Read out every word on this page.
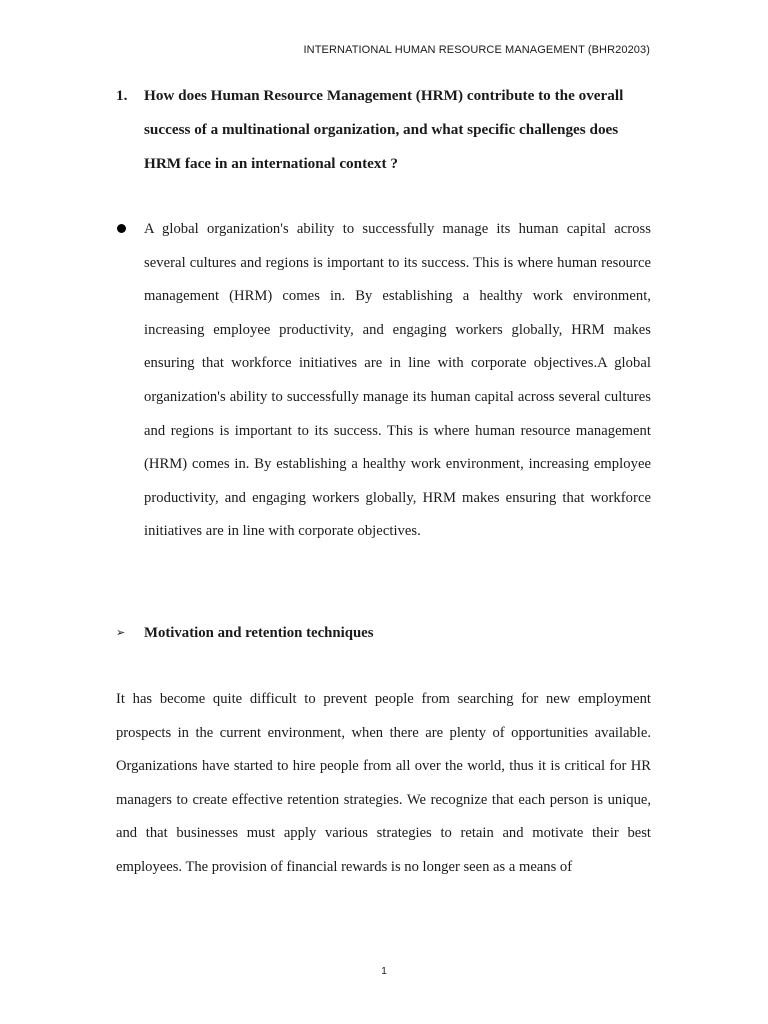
INTERNATIONAL HUMAN RESOURCE MANAGEMENT (BHR20203)
1. How does Human Resource Management (HRM) contribute to the overall success of a multinational organization, and what specific challenges does HRM face in an international context ?
A global organization's ability to successfully manage its human capital across several cultures and regions is important to its success. This is where human resource management (HRM) comes in. By establishing a healthy work environment, increasing employee productivity, and engaging workers globally, HRM makes ensuring that workforce initiatives are in line with corporate objectives.A global organization's ability to successfully manage its human capital across several cultures and regions is important to its success. This is where human resource management (HRM) comes in. By establishing a healthy work environment, increasing employee productivity, and engaging workers globally, HRM makes ensuring that workforce initiatives are in line with corporate objectives.
➢ Motivation and retention techniques
It has become quite difficult to prevent people from searching for new employment prospects in the current environment, when there are plenty of opportunities available. Organizations have started to hire people from all over the world, thus it is critical for HR managers to create effective retention strategies. We recognize that each person is unique, and that businesses must apply various strategies to retain and motivate their best employees. The provision of financial rewards is no longer seen as a means of
1
